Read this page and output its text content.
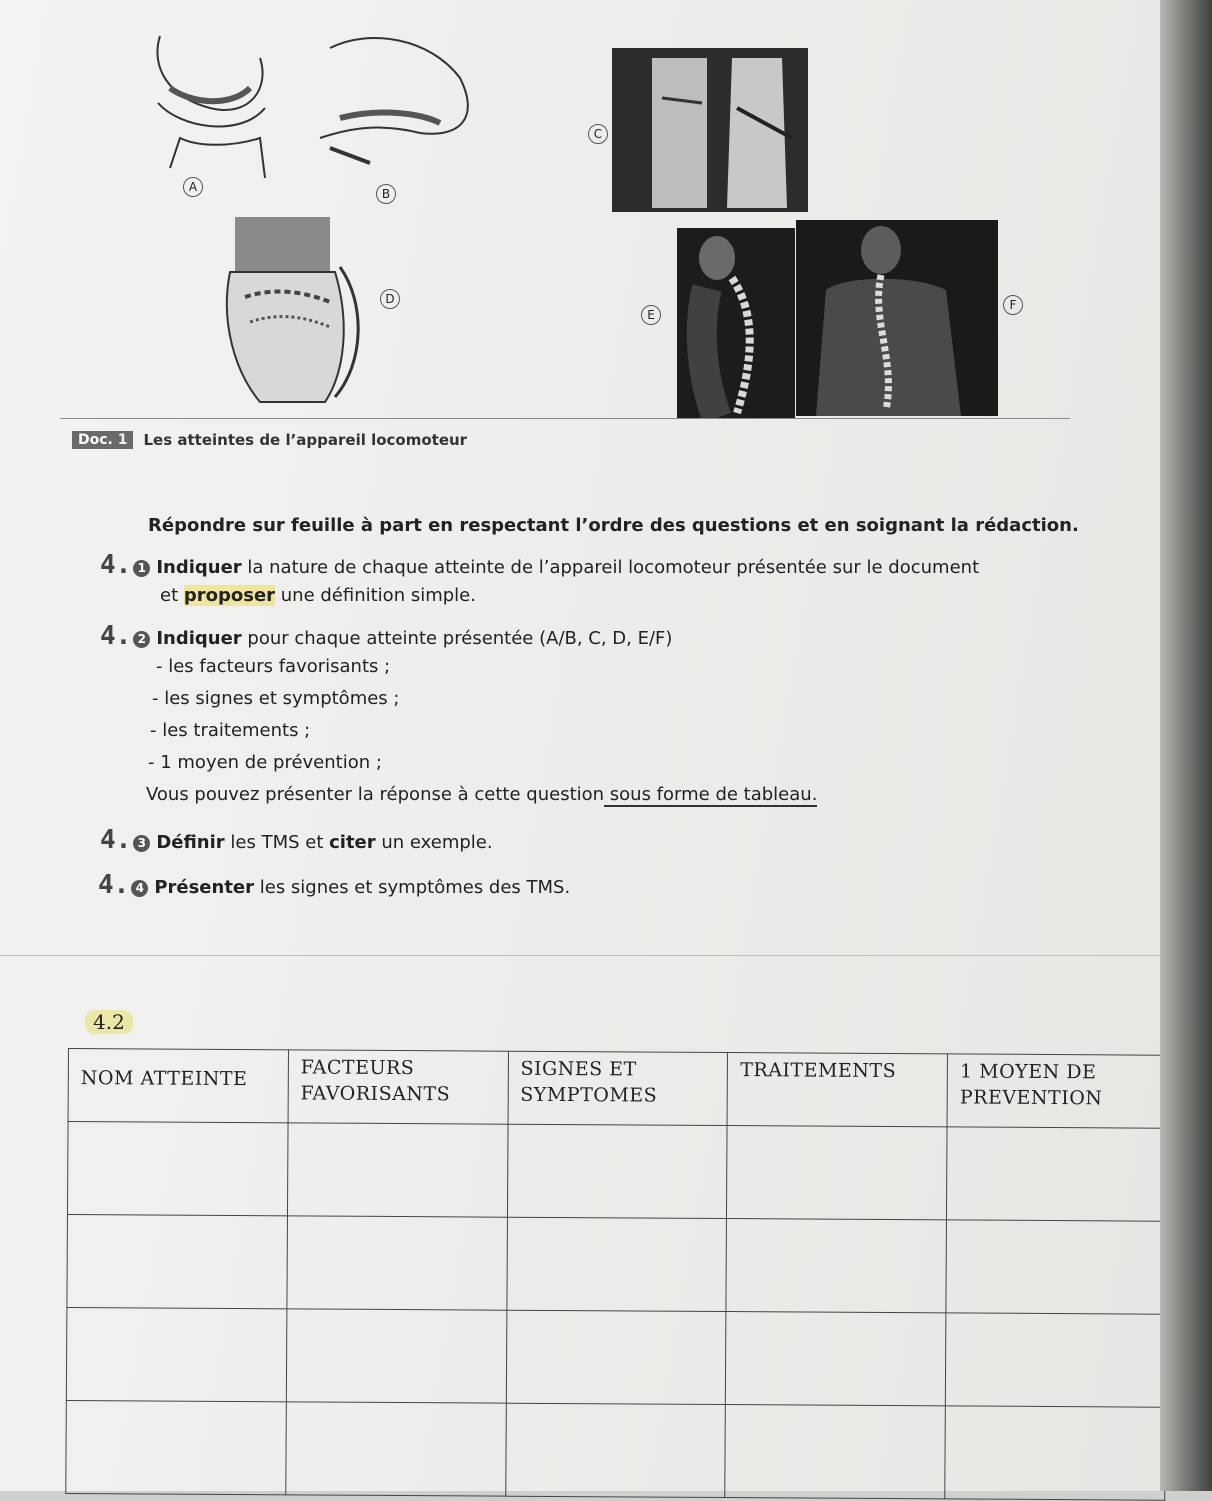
A	B
D
C
E
F
Doc. 1	Les atteintes de l’appareil locomoteur
Répondre sur feuille à part en respectant l’ordre des questions et en soignant la rédaction.
4. 1 Indiquer la nature de chaque atteinte de l’appareil locomoteur présentée sur le document
et proposer une définition simple.
4. 2 Indiquer pour chaque atteinte présentée (A/B, C, D, E/F)
- les facteurs favorisants ;
- les signes et symptômes ;
- les traitements ;
- 1 moyen de prévention ;
Vous pouvez présenter la réponse à cette question sous forme de tableau.
4. 3 Définir les TMS et citer un exemple.
4. 4 Présenter les signes et symptômes des TMS.
4.2
NOM ATTEINTE	FACTEURS FAVORISANTS	SIGNES ET SYMPTOMES	TRAITEMENTS	1 MOYEN DE PREVENTION
